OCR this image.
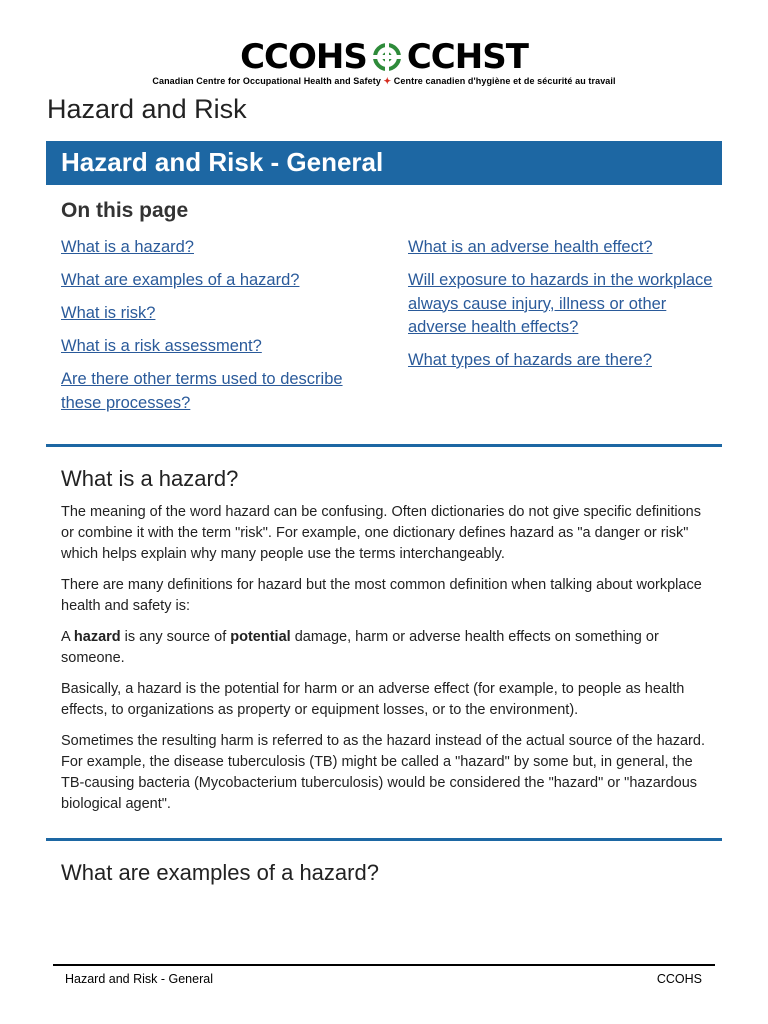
CCOHS CCHST
Canadian Centre for Occupational Health and Safety ✦ Centre canadien d'hygiène et de sécurité au travail
Hazard and Risk
Hazard and Risk - General
On this page
What is a hazard?
What are examples of a hazard?
What is risk?
What is a risk assessment?
Are there other terms used to describe these processes?
What is an adverse health effect?
Will exposure to hazards in the workplace always cause injury, illness or other adverse health effects?
What types of hazards are there?
What is a hazard?

The meaning of the word hazard can be confusing. Often dictionaries do not give specific definitions or combine it with the term "risk". For example, one dictionary defines hazard as "a danger or risk" which helps explain why many people use the terms interchangeably.

There are many definitions for hazard but the most common definition when talking about workplace health and safety is:

A hazard is any source of potential damage, harm or adverse health effects on something or someone.

Basically, a hazard is the potential for harm or an adverse effect (for example, to people as health effects, to organizations as property or equipment losses, or to the environment).

Sometimes the resulting harm is referred to as the hazard instead of the actual source of the hazard. For example, the disease tuberculosis (TB) might be called a "hazard" by some but, in general, the TB-causing bacteria (Mycobacterium tuberculosis) would be considered the "hazard" or "hazardous biological agent".

What are examples of a hazard?
Hazard and Risk - General	CCOHS
